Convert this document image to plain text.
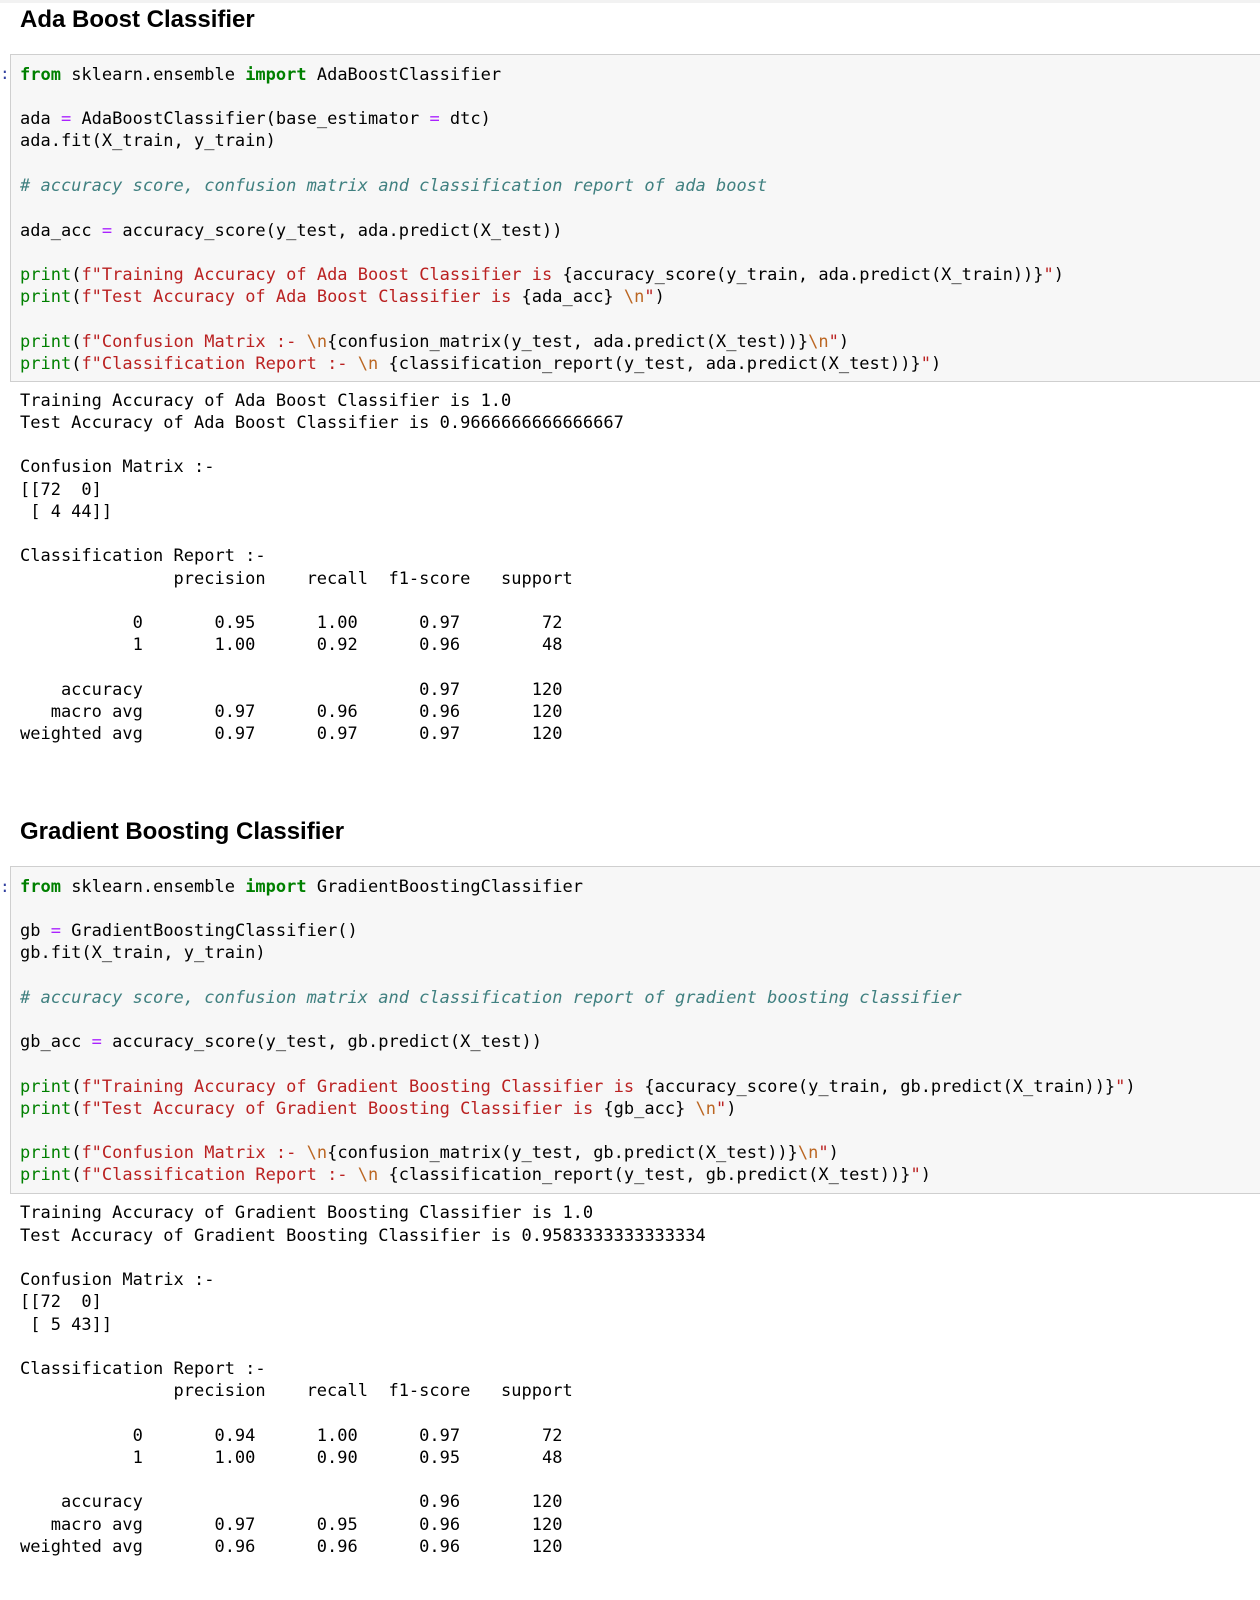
Ada Boost Classifier
: from sklearn.ensemble import AdaBoostClassifier
ada = AdaBoostClassifier(base_estimator = dtc)
ada.fit(X_train, y_train)
# accuracy score, confusion matrix and classification report of ada boost
ada_acc = accuracy_score(y_test, ada.predict(X_test))
print(f"Training Accuracy of Ada Boost Classifier is {accuracy_score(y_train, ada.predict(X_train))}")
print(f"Test Accuracy of Ada Boost Classifier is {ada_acc} \n")
print(f"Confusion Matrix :- \n{confusion_matrix(y_test, ada.predict(X_test))}\n")
print(f"Classification Report :- \n {classification_report(y_test, ada.predict(X_test))}")
Training Accuracy of Ada Boost Classifier is 1.0
Test Accuracy of Ada Boost Classifier is 0.9666666666666667
Confusion Matrix :-
[[72  0]
[ 4 44]]
Classification Report :-
precision    recall  f1-score   support
0       0.95      1.00      0.97        72
1       1.00      0.92      0.96        48
accuracy                           0.97       120
macro avg       0.97      0.96      0.96       120
weighted avg       0.97      0.97      0.97       120
Gradient Boosting Classifier
: from sklearn.ensemble import GradientBoostingClassifier
gb = GradientBoostingClassifier()
gb.fit(X_train, y_train)
# accuracy score, confusion matrix and classification report of gradient boosting classifier
gb_acc = accuracy_score(y_test, gb.predict(X_test))
print(f"Training Accuracy of Gradient Boosting Classifier is {accuracy_score(y_train, gb.predict(X_train))}")
print(f"Test Accuracy of Gradient Boosting Classifier is {gb_acc} \n")
print(f"Confusion Matrix :- \n{confusion_matrix(y_test, gb.predict(X_test))}\n")
print(f"Classification Report :- \n {classification_report(y_test, gb.predict(X_test))}")
Training Accuracy of Gradient Boosting Classifier is 1.0
Test Accuracy of Gradient Boosting Classifier is 0.9583333333333334
Confusion Matrix :-
[[72  0]
[ 5 43]]
Classification Report :-
precision    recall  f1-score   support
0       0.94      1.00      0.97        72
1       1.00      0.90      0.95        48
accuracy                           0.96       120
macro avg       0.97      0.95      0.96       120
weighted avg       0.96      0.96      0.96       120
